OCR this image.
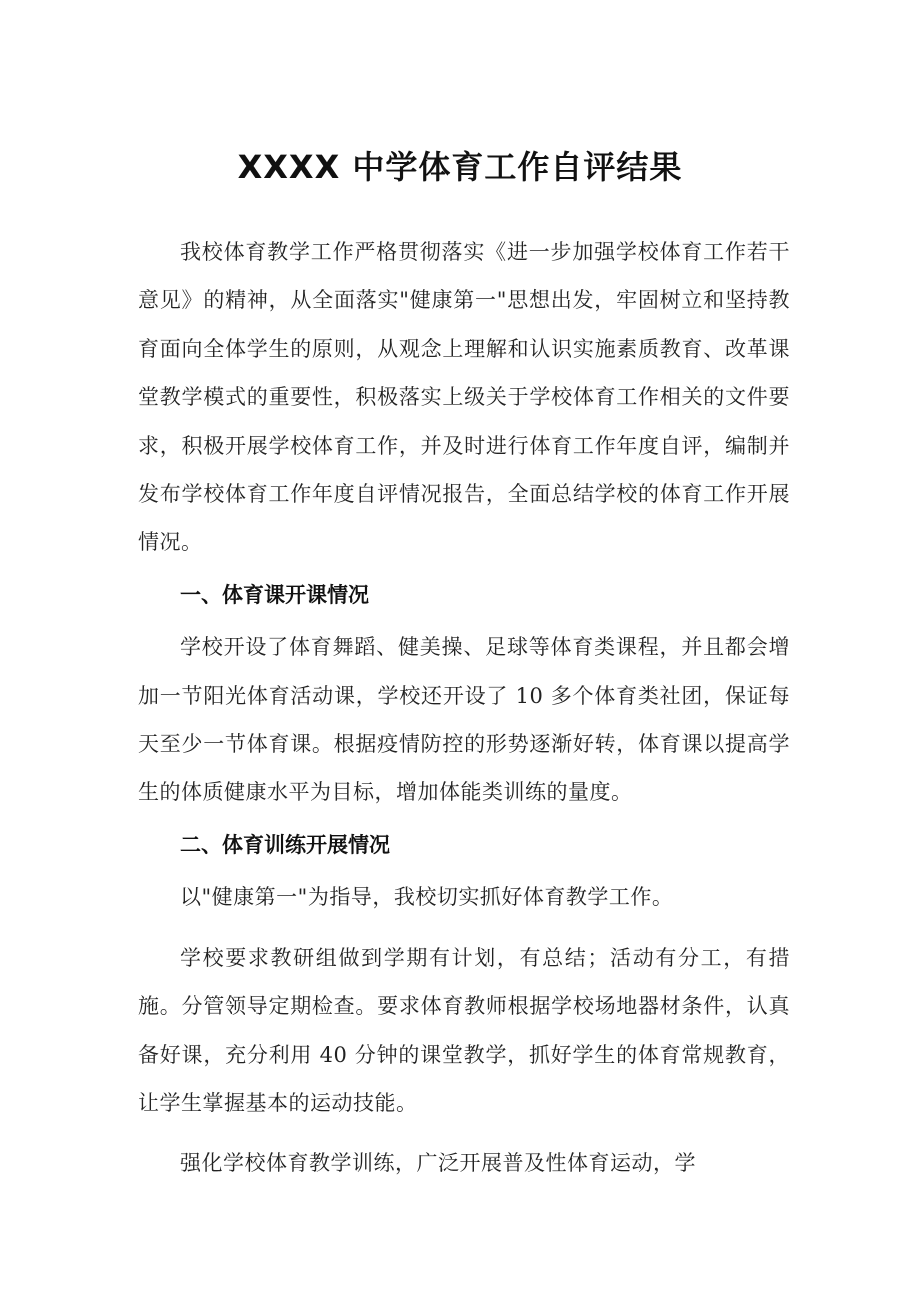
XXXX 中学体育工作自评结果

我校体育教学工作严格贯彻落实《进一步加强学校体育工作若干意见》的精神，从全面落实"健康第一"思想出发，牢固树立和坚持教育面向全体学生的原则，从观念上理解和认识实施素质教育、改革课堂教学模式的重要性，积极落实上级关于学校体育工作相关的文件要求，积极开展学校体育工作，并及时进行体育工作年度自评，编制并发布学校体育工作年度自评情况报告，全面总结学校的体育工作开展情况。

一、体育课开课情况

学校开设了体育舞蹈、健美操、足球等体育类课程，并且都会增加一节阳光体育活动课，学校还开设了 10 多个体育类社团，保证每天至少一节体育课。根据疫情防控的形势逐渐好转，体育课以提高学生的体质健康水平为目标，增加体能类训练的量度。

二、体育训练开展情况

以"健康第一"为指导，我校切实抓好体育教学工作。

学校要求教研组做到学期有计划，有总结；活动有分工，有措施。分管领导定期检查。要求体育教师根据学校场地器材条件，认真备好课，充分利用 40 分钟的课堂教学，抓好学生的体育常规教育，让学生掌握基本的运动技能。

强化学校体育教学训练，广泛开展普及性体育运动，学
